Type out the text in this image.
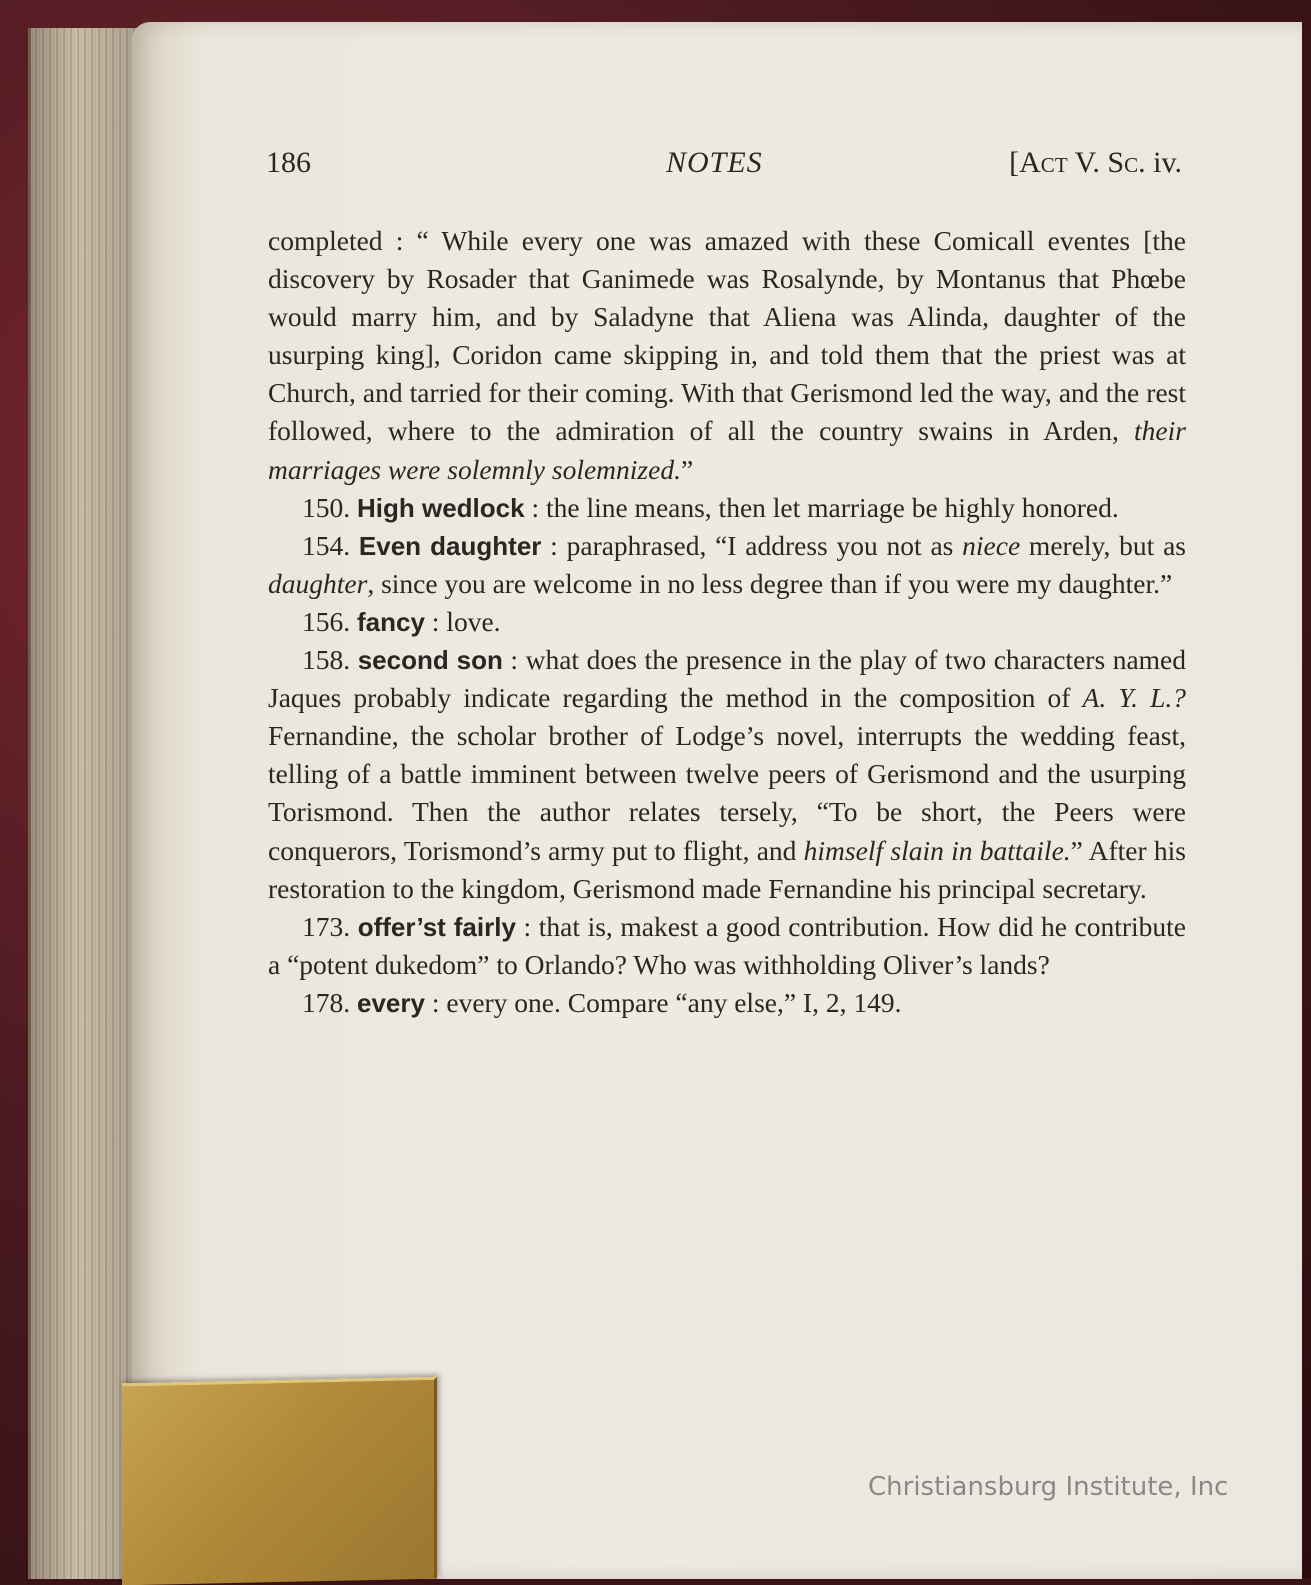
186	NOTES	[Act V. Sc. iv.

completed : “ While every one was amazed with these Comicall eventes [the discovery by Rosader that Ganimede was Rosalynde, by Montanus that Phœbe would marry him, and by Saladyne that Aliena was Alinda, daughter of the usurping king], Coridon came skipping in, and told them that the priest was at Church, and tarried for their coming. With that Gerismond led the way, and the rest followed, where to the admiration of all the country swains in Arden, their marriages were solemnly solemnized.”

150. High wedlock : the line means, then let marriage be highly honored.

154. Even daughter : paraphrased, “I address you not as niece merely, but as daughter, since you are welcome in no less degree than if you were my daughter.”

156. fancy : love.

158. second son : what does the presence in the play of two characters named Jaques probably indicate regarding the method in the composition of A. Y. L.? Fernandine, the scholar brother of Lodge’s novel, interrupts the wedding feast, telling of a battle imminent between twelve peers of Gerismond and the usurping Torismond. Then the author relates tersely, “To be short, the Peers were conquerors, Torismond’s army put to flight, and himself slain in battaile.” After his restoration to the kingdom, Gerismond made Fernandine his principal secretary.

173. offer’st fairly : that is, makest a good contribution. How did he contribute a “potent dukedom” to Orlando? Who was withholding Oliver’s lands?

178. every : every one. Compare “any else,” I, 2, 149.

Christiansburg Institute, Inc
